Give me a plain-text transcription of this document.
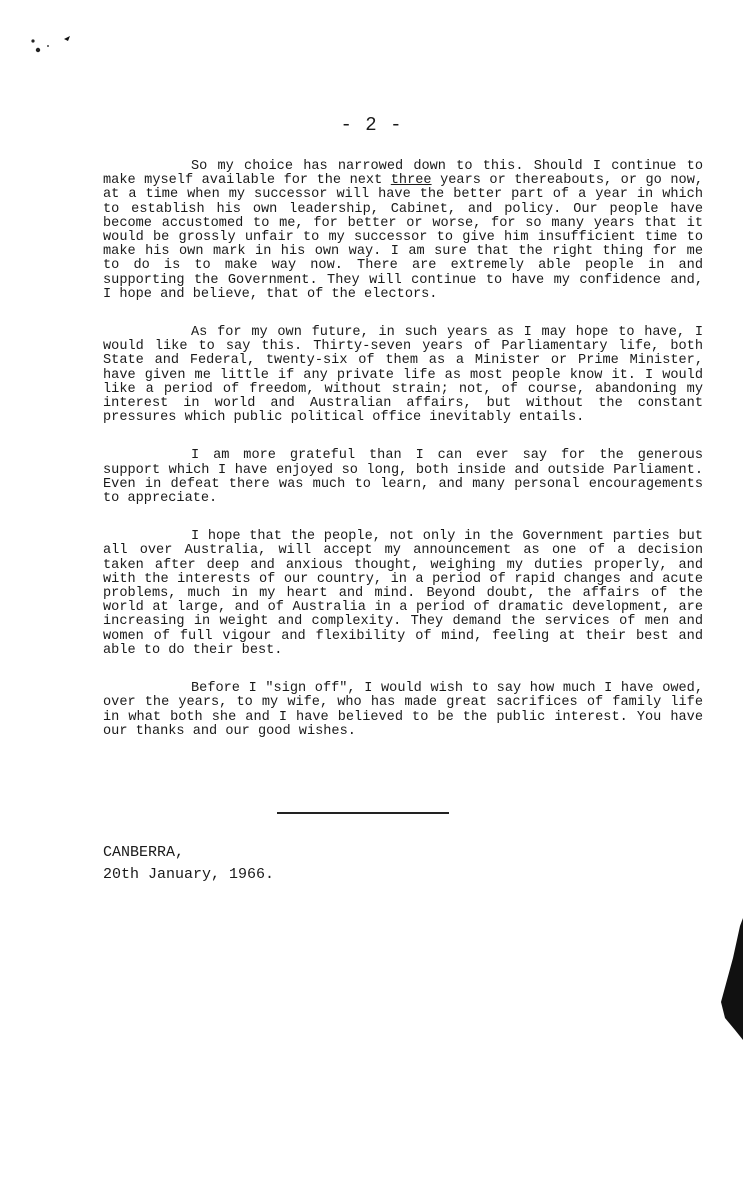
- 2 -

So my choice has narrowed down to this. Should I continue to make myself available for the next three years or thereabouts, or go now, at a time when my successor will have the better part of a year in which to establish his own leadership, Cabinet, and policy. Our people have become accustomed to me, for better or worse, for so many years that it would be grossly unfair to my successor to give him insufficient time to make his own mark in his own way. I am sure that the right thing for me to do is to make way now. There are extremely able people in and supporting the Government. They will continue to have my confidence and, I hope and believe, that of the electors.

As for my own future, in such years as I may hope to have, I would like to say this. Thirty-seven years of Parliamentary life, both State and Federal, twenty-six of them as a Minister or Prime Minister, have given me little if any private life as most people know it. I would like a period of freedom, without strain; not, of course, abandoning my interest in world and Australian affairs, but without the constant pressures which public political office inevitably entails.

I am more grateful than I can ever say for the generous support which I have enjoyed so long, both inside and outside Parliament. Even in defeat there was much to learn, and many personal encouragements to appreciate.

I hope that the people, not only in the Government parties but all over Australia, will accept my announcement as one of a decision taken after deep and anxious thought, weighing my duties properly, and with the interests of our country, in a period of rapid changes and acute problems, much in my heart and mind. Beyond doubt, the affairs of the world at large, and of Australia in a period of dramatic development, are increasing in weight and complexity. They demand the services of men and women of full vigour and flexibility of mind, feeling at their best and able to do their best.

Before I "sign off", I would wish to say how much I have owed, over the years, to my wife, who has made great sacrifices of family life in what both she and I have believed to be the public interest. You have our thanks and our good wishes.

CANBERRA,
20th January, 1966.
